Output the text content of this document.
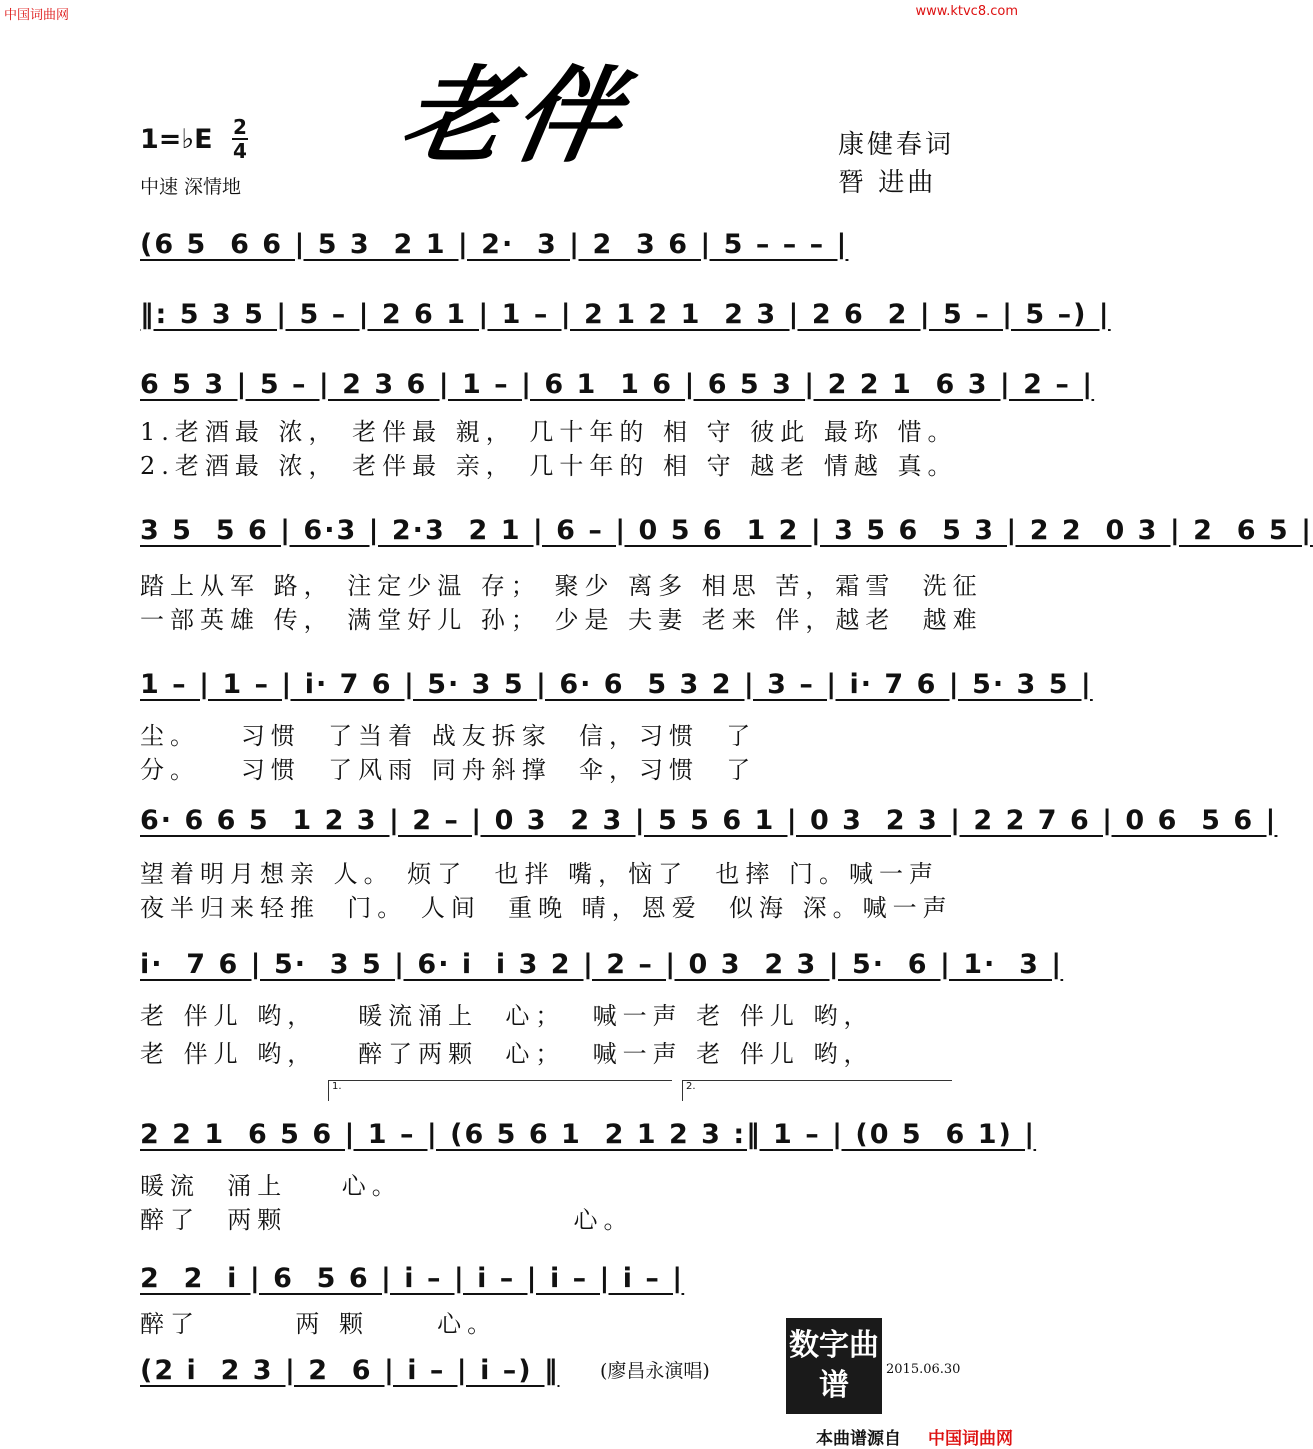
中国词曲网	www.ktvc8.com
老伴
1=♭E 2
4
中速 深情地
康健春词
朁 进曲
(6 5  6 6 | 5 3  2 1 | 2·  3 | 2  3 6 | 5 – – – |
‖: 5 3 5 | 5 – | 2 6 1 | 1 – | 2 1 2 1  2 3 | 2 6  2 | 5 – | 5 –) |
6 5 3 | 5 – | 2 3 6 | 1 – | 6 1  1 6 | 6 5 3 | 2 2 1  6 3 | 2 – |
1.老酒最 浓， 老伴最 親， 几十年的 相 守 彼此 最珎 惜。
2.老酒最 浓， 老伴最 亲， 几十年的 相 守 越老 情越 真。
3 5  5 6 | 6·3 | 2·3  2 1 | 6 – | 0 5 6  1 2 | 3 5 6  5 3 | 2 2  0 3 | 2  6 5 |
踏上从军 路， 注定少温 存； 聚少 离多 相思 苦，霜雪  洗征
一部英雄 传， 满堂好儿 孙； 少是 夫妻 老来 伴，越老  越难
1 – | 1 – | i· 7 6 | 5· 3 5 | 6· 6  5 3 2 | 3 – | i· 7 6 | 5· 3 5 |
尘。   习惯  了当着 战友拆家  信，习惯  了
分。   习惯  了风雨 同舟斜撑  伞，习惯  了
6· 6 6 5  1 2 3 | 2 – | 0 3  2 3 | 5 5 6 1 | 0 3  2 3 | 2 2 7 6 | 0 6  5 6 |
望着明月想亲 人。 烦了  也拌 嘴，恼了  也摔 门。喊一声
夜半归来轻推  门。 人间  重晚 晴，恩爱  似海 深。喊一声
i·  7 6 | 5·  3 5 | 6· i  i 3 2 | 2 – | 0 3  2 3 | 5·  6 | 1·  3 |
老 伴儿 哟，   暖流涌上  心；  喊一声 老 伴儿 哟，
老 伴儿 哟，   醉了两颗  心；  喊一声 老 伴儿 哟，
1.	2.
2 2 1  6 5 6 | 1 – | (6 5 6 1  2 1 2 3 :‖ 1 – | (0 5  6 1) |
暖流  涌上    心。
醉了  两颗                     心。
2  2  i | 6  5 6 | i – | i – | i – | i – |
醉了       两 颗     心。
(2 i  2 3 | 2  6 | i – | i –) ‖ (廖昌永演唱)
数字曲谱	2015.06.30
本曲谱源自 中国词曲网
